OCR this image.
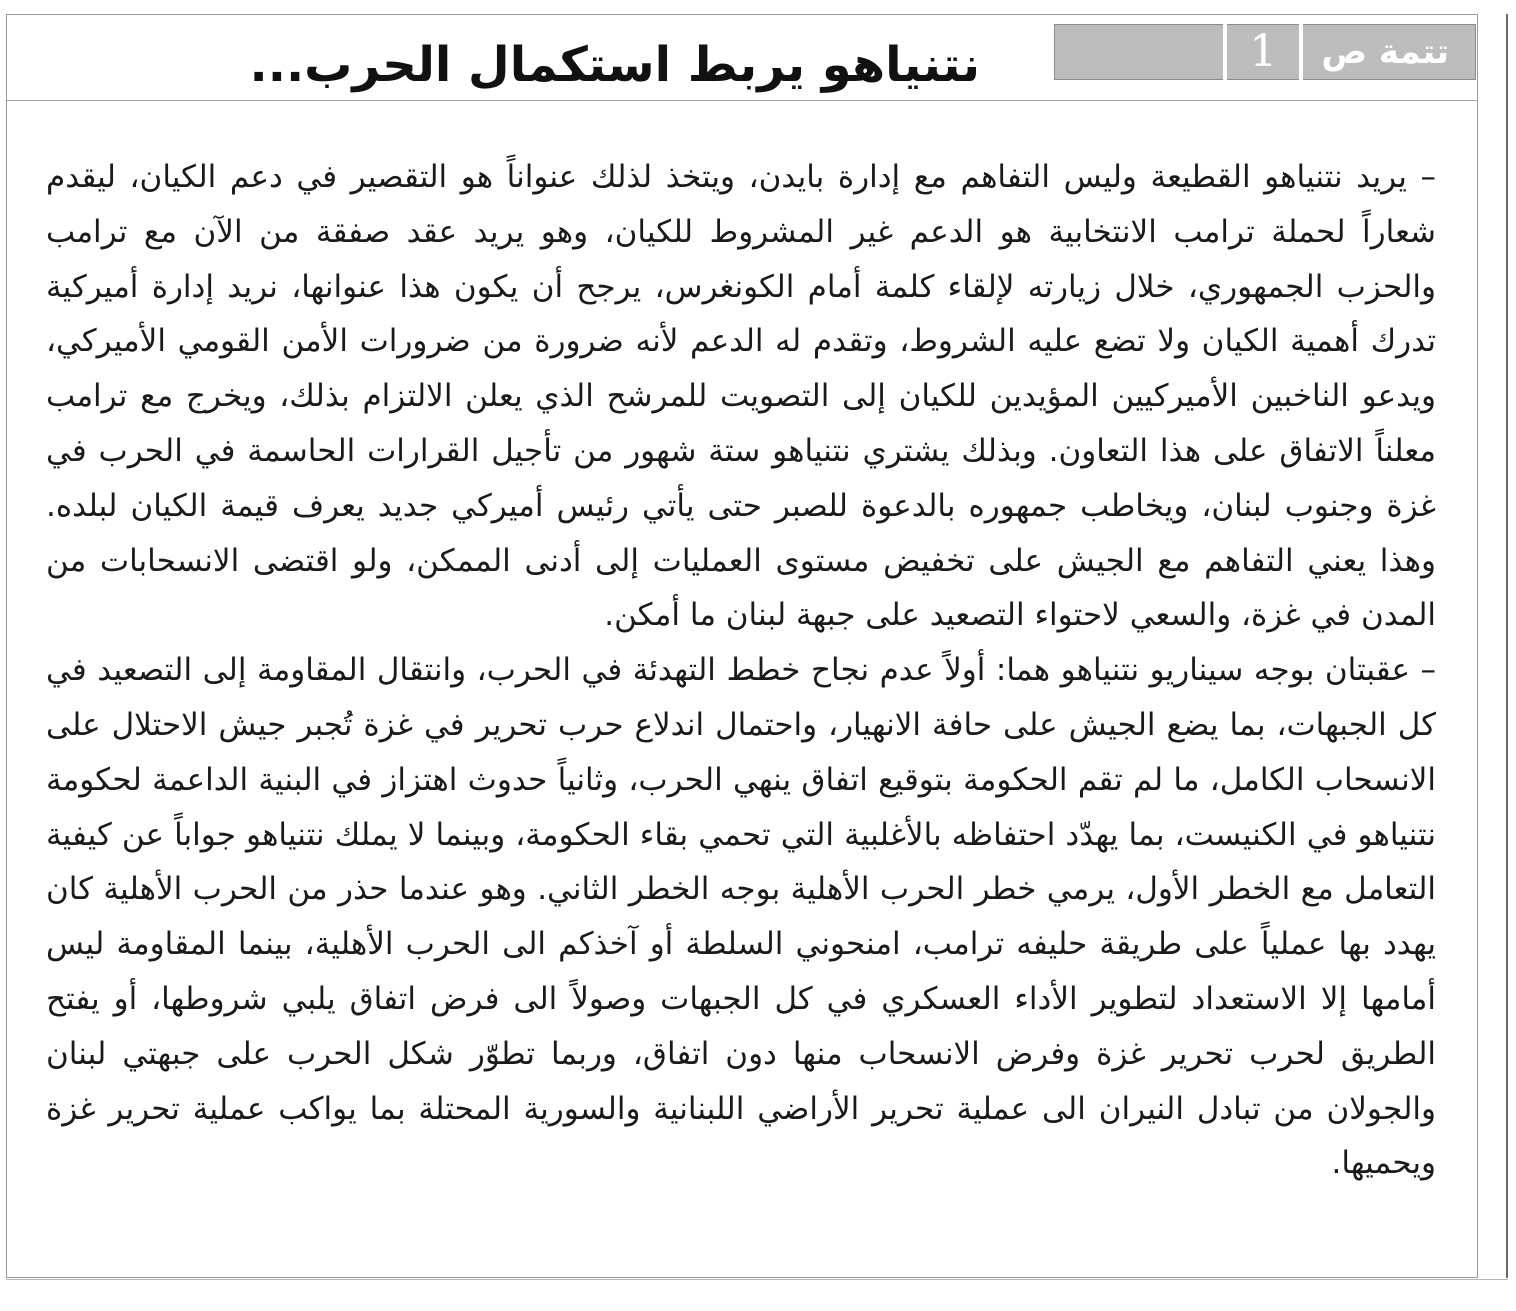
تتمة ص
1
نتنياهو يربط استكمال الحرب...

– يريد نتنياهو القطيعة وليس التفاهم مع إدارة بايدن، ويتخذ لذلك عنواناً هو التقصير في دعم الكيان، ليقدم شعاراً لحملة ترامب الانتخابية هو الدعم غير المشروط للكيان، وهو يريد عقد صفقة من الآن مع ترامب والحزب الجمهوري، خلال زيارته لإلقاء كلمة أمام الكونغرس، يرجح أن يكون هذا عنوانها، نريد إدارة أميركية تدرك أهمية الكيان ولا تضع عليه الشروط، وتقدم له الدعم لأنه ضرورة من ضرورات الأمن القومي الأميركي، ويدعو الناخبين الأميركيين المؤيدين للكيان إلى التصويت للمرشح الذي يعلن الالتزام بذلك، ويخرج مع ترامب معلناً الاتفاق على هذا التعاون. وبذلك يشتري نتنياهو ستة شهور من تأجيل القرارات الحاسمة في الحرب في غزة وجنوب لبنان، ويخاطب جمهوره بالدعوة للصبر حتى يأتي رئيس أميركي جديد يعرف قيمة الكيان لبلده. وهذا يعني التفاهم مع الجيش على تخفيض مستوى العمليات إلى أدنى الممكن، ولو اقتضى الانسحابات من المدن في غزة، والسعي لاحتواء التصعيد على جبهة لبنان ما أمكن.

– عقبتان بوجه سيناريو نتنياهو هما: أولاً عدم نجاح خطط التهدئة في الحرب، وانتقال المقاومة إلى التصعيد في كل الجبهات، بما يضع الجيش على حافة الانهيار، واحتمال اندلاع حرب تحرير في غزة تُجبر جيش الاحتلال على الانسحاب الكامل، ما لم تقم الحكومة بتوقيع اتفاق ينهي الحرب، وثانياً حدوث اهتزاز في البنية الداعمة لحكومة نتنياهو في الكنيست، بما يهدّد احتفاظه بالأغلبية التي تحمي بقاء الحكومة، وبينما لا يملك نتنياهو جواباً عن كيفية التعامل مع الخطر الأول، يرمي خطر الحرب الأهلية بوجه الخطر الثاني. وهو عندما حذر من الحرب الأهلية كان يهدد بها عملياً على طريقة حليفه ترامب، امنحوني السلطة أو آخذكم الى الحرب الأهلية، بينما المقاومة ليس أمامها إلا الاستعداد لتطوير الأداء العسكري في كل الجبهات وصولاً الى فرض اتفاق يلبي شروطها، أو يفتح الطريق لحرب تحرير غزة وفرض الانسحاب منها دون اتفاق، وربما تطوّر شكل الحرب على جبهتي لبنان والجولان من تبادل النيران الى عملية تحرير الأراضي اللبنانية والسورية المحتلة بما يواكب عملية تحرير غزة ويحميها.
